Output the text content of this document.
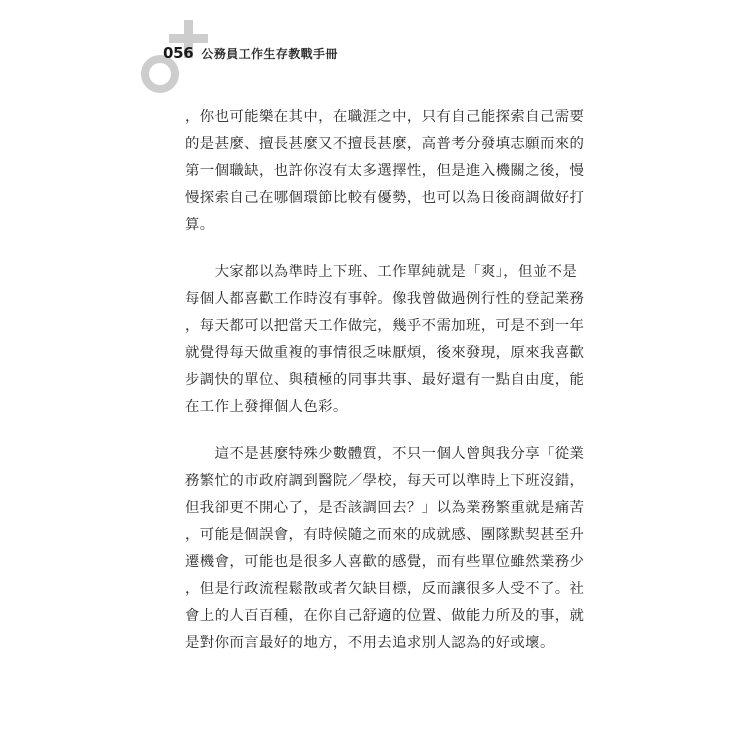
056 公務員工作生存教戰手冊
，你也可能樂在其中，在職涯之中，只有自己能探索自己需要
的是甚麼、擅長甚麼又不擅長甚麼，高普考分發填志願而來的
第一個職缺，也許你沒有太多選擇性，但是進入機關之後，慢
慢探索自己在哪個環節比較有優勢，也可以為日後商調做好打
算。
　　大家都以為準時上下班、工作單純就是「爽」，但並不是
每個人都喜歡工作時沒有事幹。像我曾做過例行性的登記業務
，每天都可以把當天工作做完，幾乎不需加班，可是不到一年
就覺得每天做重複的事情很乏味厭煩，後來發現，原來我喜歡
步調快的單位、與積極的同事共事、最好還有一點自由度，能
在工作上發揮個人色彩。
　　這不是甚麼特殊少數體質，不只一個人曾與我分享「從業
務繁忙的市政府調到醫院／學校，每天可以準時上下班沒錯，
但我卻更不開心了，是否該調回去？」以為業務繁重就是痛苦
，可能是個誤會，有時候隨之而來的成就感、團隊默契甚至升
遷機會，可能也是很多人喜歡的感覺，而有些單位雖然業務少
，但是行政流程鬆散或者欠缺目標，反而讓很多人受不了。社
會上的人百百種，在你自己舒適的位置、做能力所及的事，就
是對你而言最好的地方，不用去追求別人認為的好或壞。
